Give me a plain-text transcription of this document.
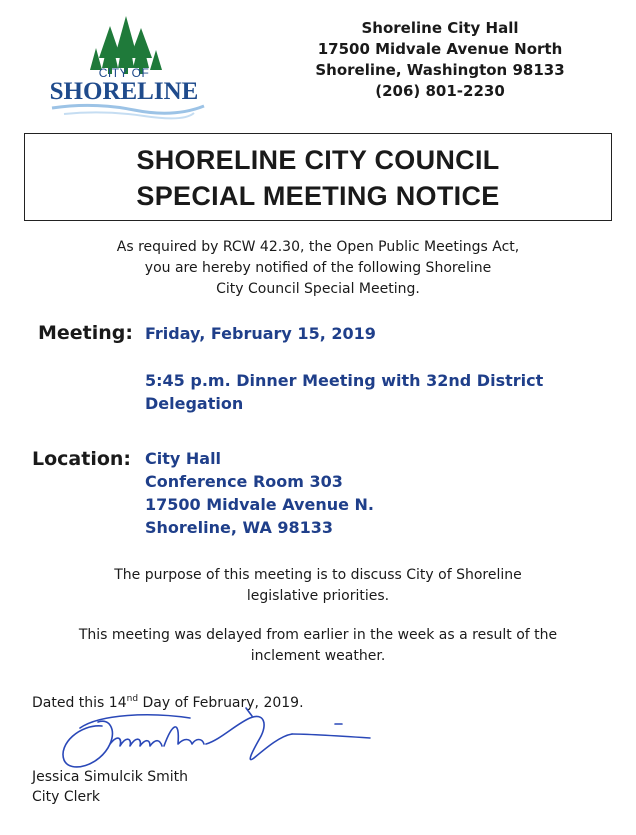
CITY OF
SHORELINE
Shoreline City Hall
17500 Midvale Avenue North
Shoreline, Washington 98133
(206) 801-2230
SHORELINE CITY COUNCIL
SPECIAL MEETING NOTICE
As required by RCW 42.30, the Open Public Meetings Act,
you are hereby notified of the following Shoreline
City Council Special Meeting.
Meeting: Friday, February 15, 2019
5:45 p.m. Dinner Meeting with 32nd District
Delegation
Location: City Hall
Conference Room 303
17500 Midvale Avenue N.
Shoreline, WA 98133
The purpose of this meeting is to discuss City of Shoreline
legislative priorities.
This meeting was delayed from earlier in the week as a result of the
inclement weather.
Dated this 14nd Day of February, 2019.
Jessica Simulcik Smith
City Clerk
